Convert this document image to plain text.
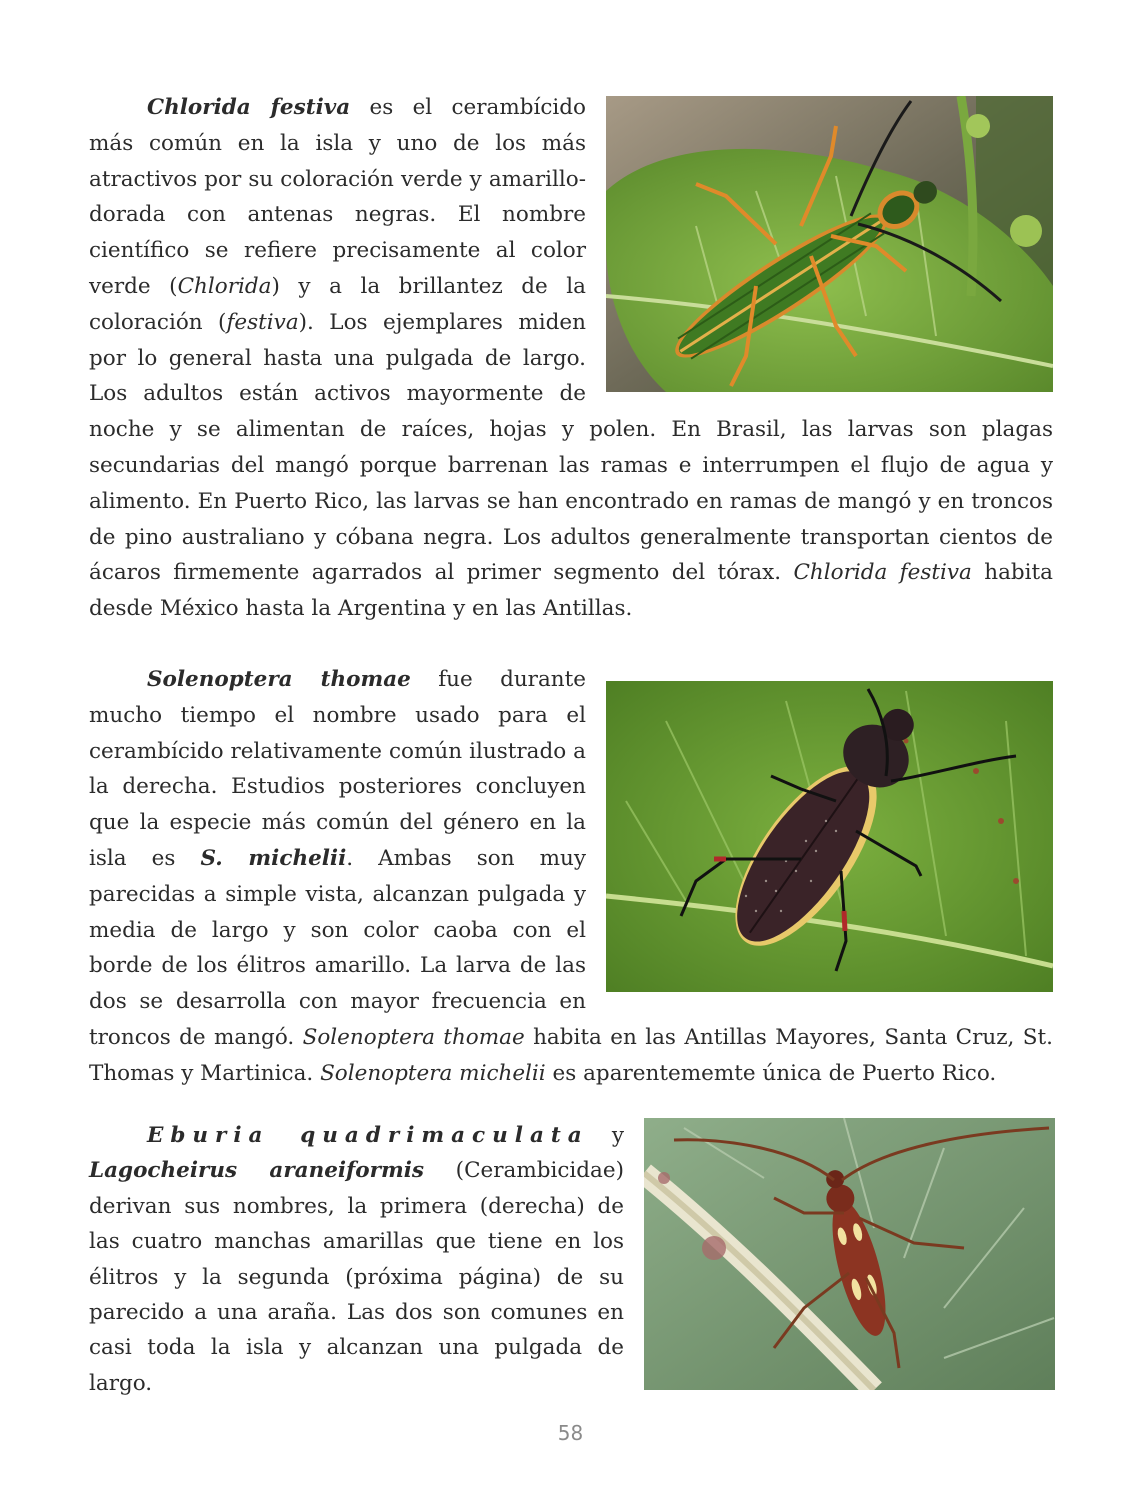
Chlorida festiva es el cerambícido más común en la isla y uno de los más atractivos por su coloración verde y amarillo-dorada con antenas negras. El nombre científico se refiere precisamente al color verde (Chlorida) y a la brillantez de la coloración (festiva). Los ejemplares miden por lo general hasta una pulgada de largo. Los adultos están activos mayormente de noche y se alimentan de raíces, hojas y polen. En Brasil, las larvas son plagas secundarias del mangó porque barrenan las ramas e interrumpen el flujo de agua y alimento. En Puerto Rico, las larvas se han encontrado en ramas de mangó y en troncos de pino australiano y cóbana negra. Los adultos generalmente transportan cientos de ácaros firmemente agarrados al primer segmento del tórax. Chlorida festiva habita desde México hasta la Argentina y en las Antillas.

Solenoptera thomae fue durante mucho tiempo el nombre usado para el cerambícido relativamente común ilustrado a la derecha. Estudios posteriores concluyen que la especie más común del género en la isla es S. michelii. Ambas son muy parecidas a simple vista, alcanzan pulgada y media de largo y son color caoba con el borde de los élitros amarillo. La larva de las dos se desarrolla con mayor frecuencia en troncos de mangó. Solenoptera thomae habita en las Antillas Mayores, Santa Cruz, St. Thomas y Martinica. Solenoptera michelii es aparentememte única de Puerto Rico.

Eburia quadrimaculata y Lagocheirus araneiformis (Cerambicidae) derivan sus nombres, la primera (derecha) de las cuatro manchas amarillas que tiene en los élitros y la segunda (próxima página) de su parecido a una araña. Las dos son comunes en casi toda la isla y alcanzan una pulgada de largo.

58
